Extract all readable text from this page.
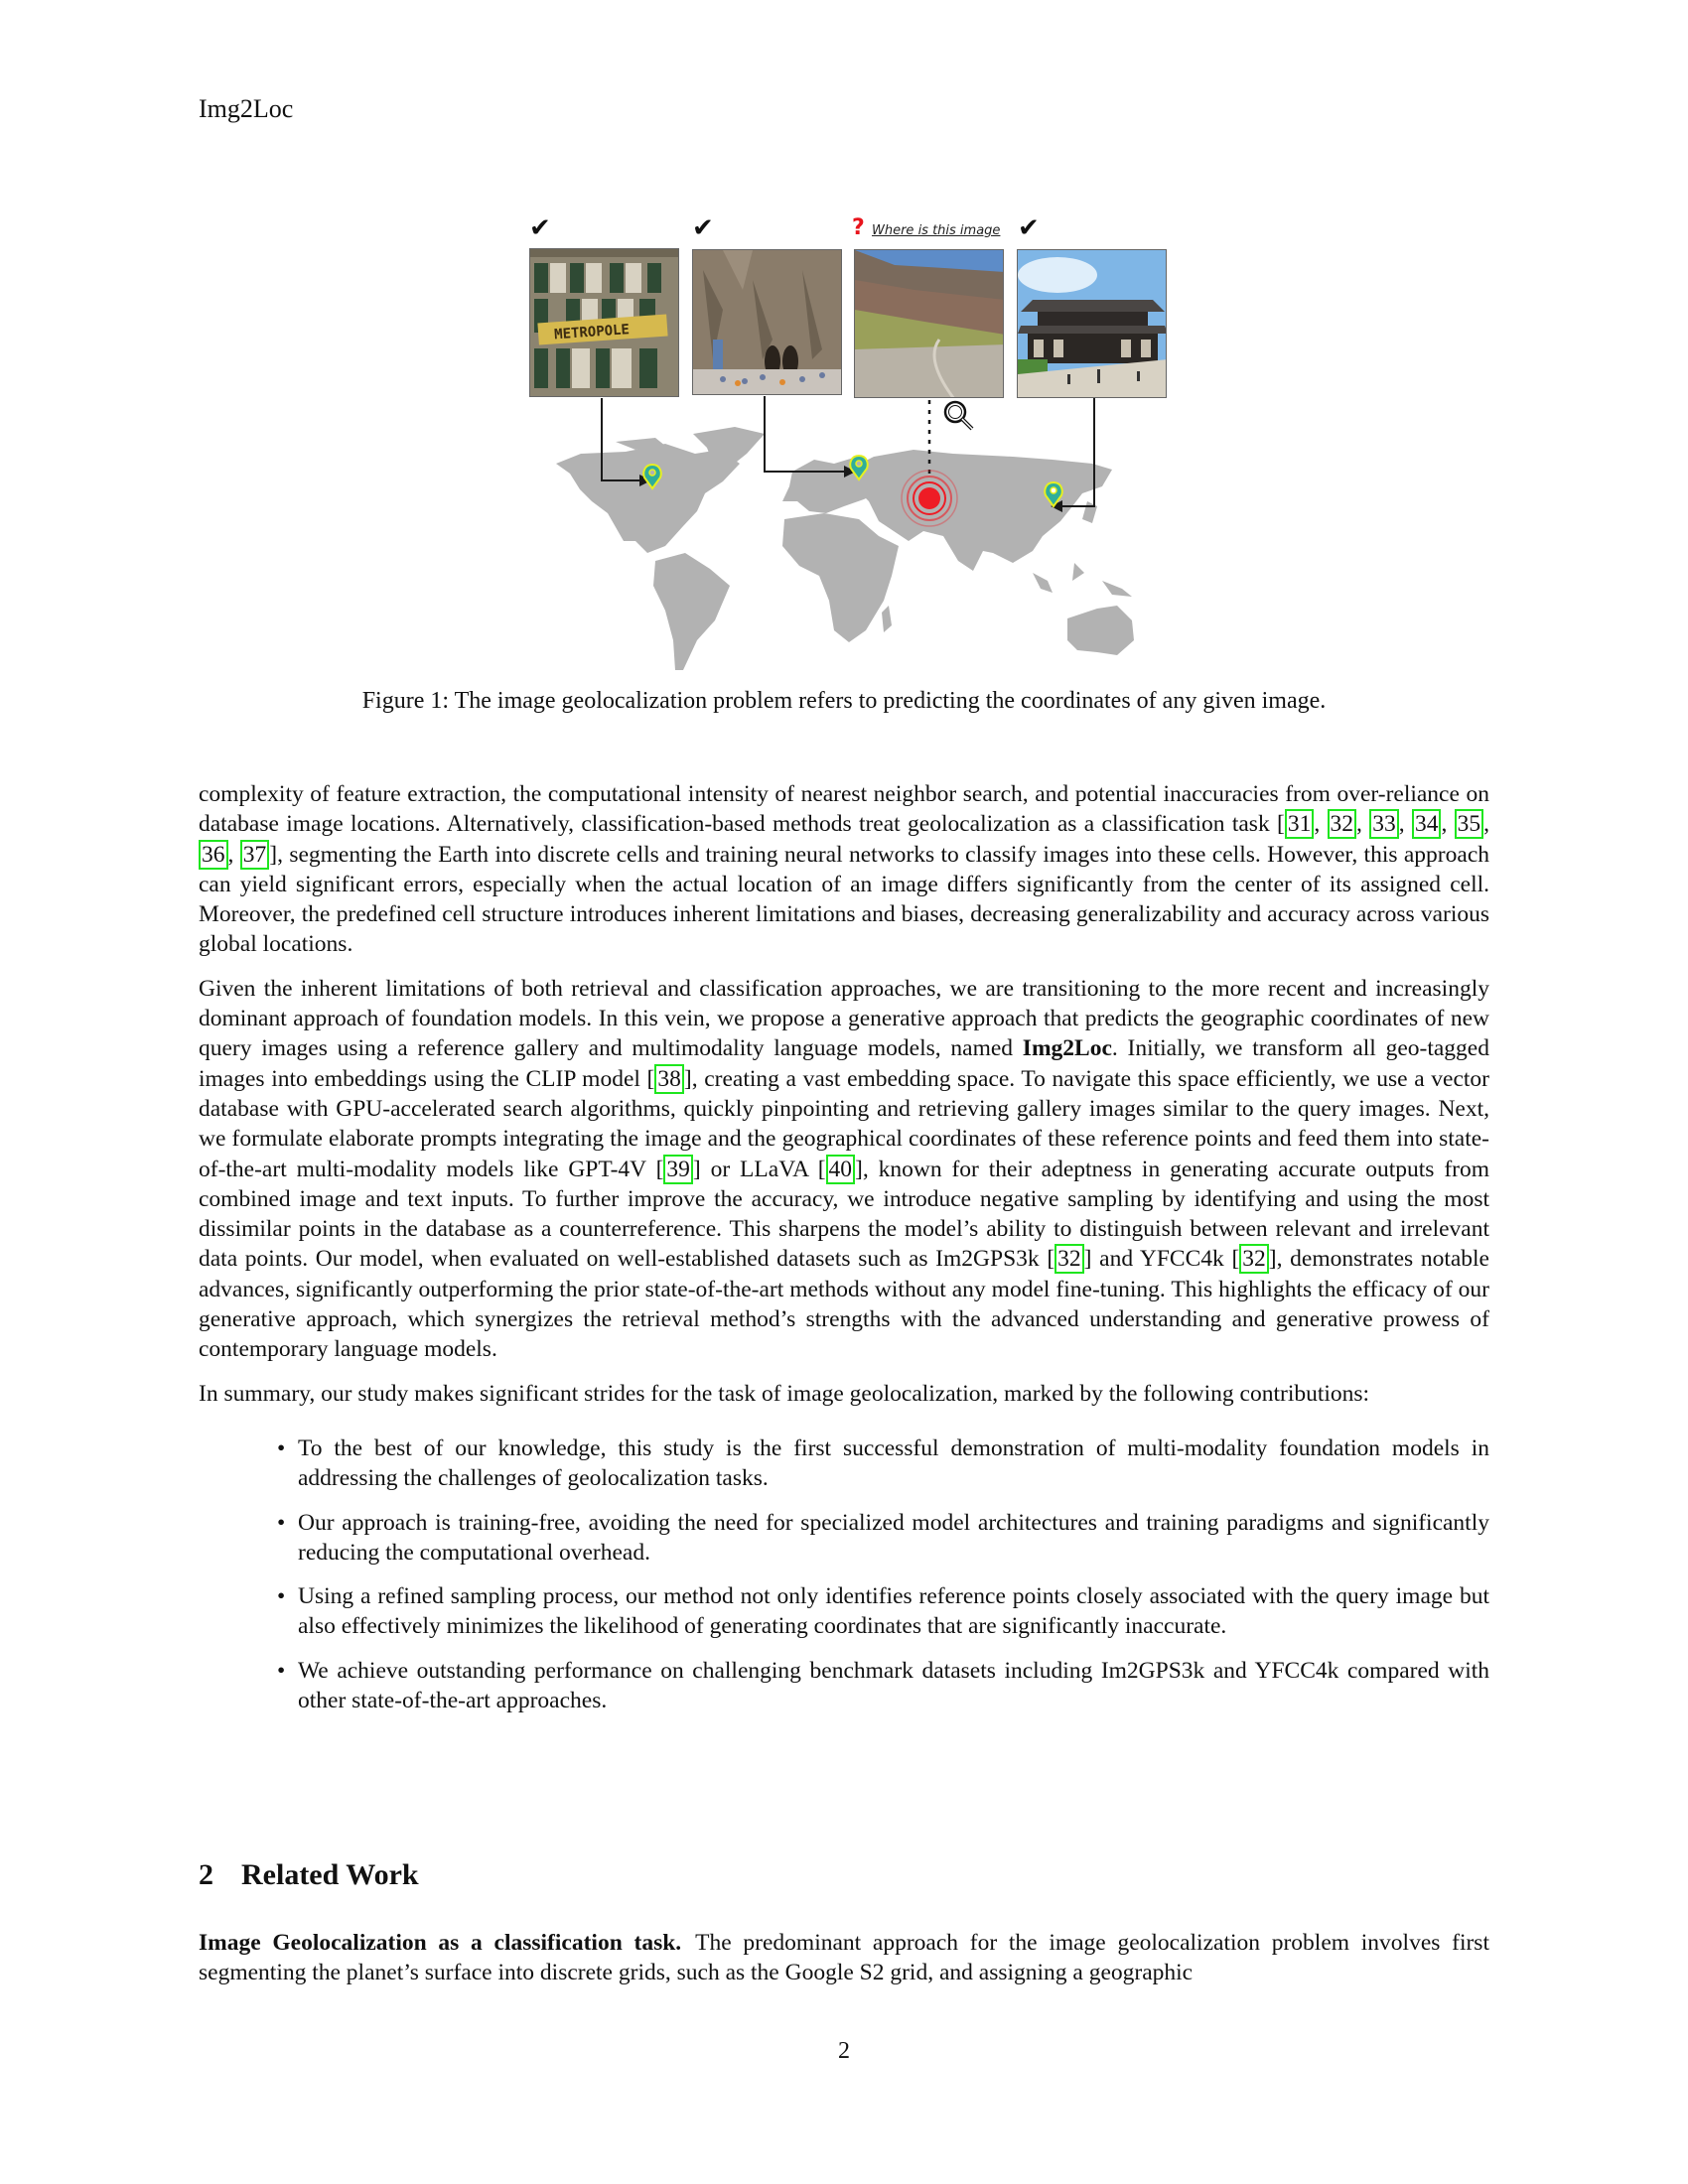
Img2Loc
✔	✔	? Where is this image ✔
METROPOLE
Figure 1: The image geolocalization problem refers to predicting the coordinates of any given image.

complexity of feature extraction, the computational intensity of nearest neighbor search, and potential inaccuracies from over-reliance on database image locations. Alternatively, classification-based methods treat geolocalization as a classification task [ 31 , 32 , 33 , 34 , 35 , 36 , 37 ], segmenting the Earth into discrete cells and training neural networks to classify images into these cells. However, this approach can yield significant errors, especially when the actual location of an image differs significantly from the center of its assigned cell. Moreover, the predefined cell structure introduces inherent limitations and biases, decreasing generalizability and accuracy across various global locations.

Given the inherent limitations of both retrieval and classification approaches, we are transitioning to the more recent and increasingly dominant approach of foundation models. In this vein, we propose a generative approach that predicts the geographic coordinates of new query images using a reference gallery and multimodality language models, named Img2Loc. Initially, we transform all geo-tagged images into embeddings using the CLIP model [ 38 ], creating a vast embedding space. To navigate this space efficiently, we use a vector database with GPU-accelerated search algorithms, quickly pinpointing and retrieving gallery images similar to the query images. Next, we formulate elaborate prompts integrating the image and the geographical coordinates of these reference points and feed them into state-of-the-art multi-modality models like GPT-4V [ 39 ] or LLaVA [ 40 ], known for their adeptness in generating accurate outputs from combined image and text inputs. To further improve the accuracy, we introduce negative sampling by identifying and using the most dissimilar points in the database as a counterreference. This sharpens the model’s ability to distinguish between relevant and irrelevant data points. Our model, when evaluated on well-established datasets such as Im2GPS3k [ 32 ] and YFCC4k [ 32 ], demonstrates notable advances, significantly outperforming the prior state-of-the-art methods without any model fine-tuning. This highlights the efficacy of our generative approach, which synergizes the retrieval method’s strengths with the advanced understanding and generative prowess of contemporary language models.

In summary, our study makes significant strides for the task of image geolocalization, marked by the following contributions:

• To the best of our knowledge, this study is the first successful demonstration of multi-modality foundation models in addressing the challenges of geolocalization tasks.
• Our approach is training-free, avoiding the need for specialized model architectures and training paradigms and significantly reducing the computational overhead.
• Using a refined sampling process, our method not only identifies reference points closely associated with the query image but also effectively minimizes the likelihood of generating coordinates that are significantly inaccurate.
• We achieve outstanding performance on challenging benchmark datasets including Im2GPS3k and YFCC4k compared with other state-of-the-art approaches.
2 Related Work
Image Geolocalization as a classification task. The predominant approach for the image geolocalization problem involves first segmenting the planet’s surface into discrete grids, such as the Google S2 grid, and assigning a geographic
2
